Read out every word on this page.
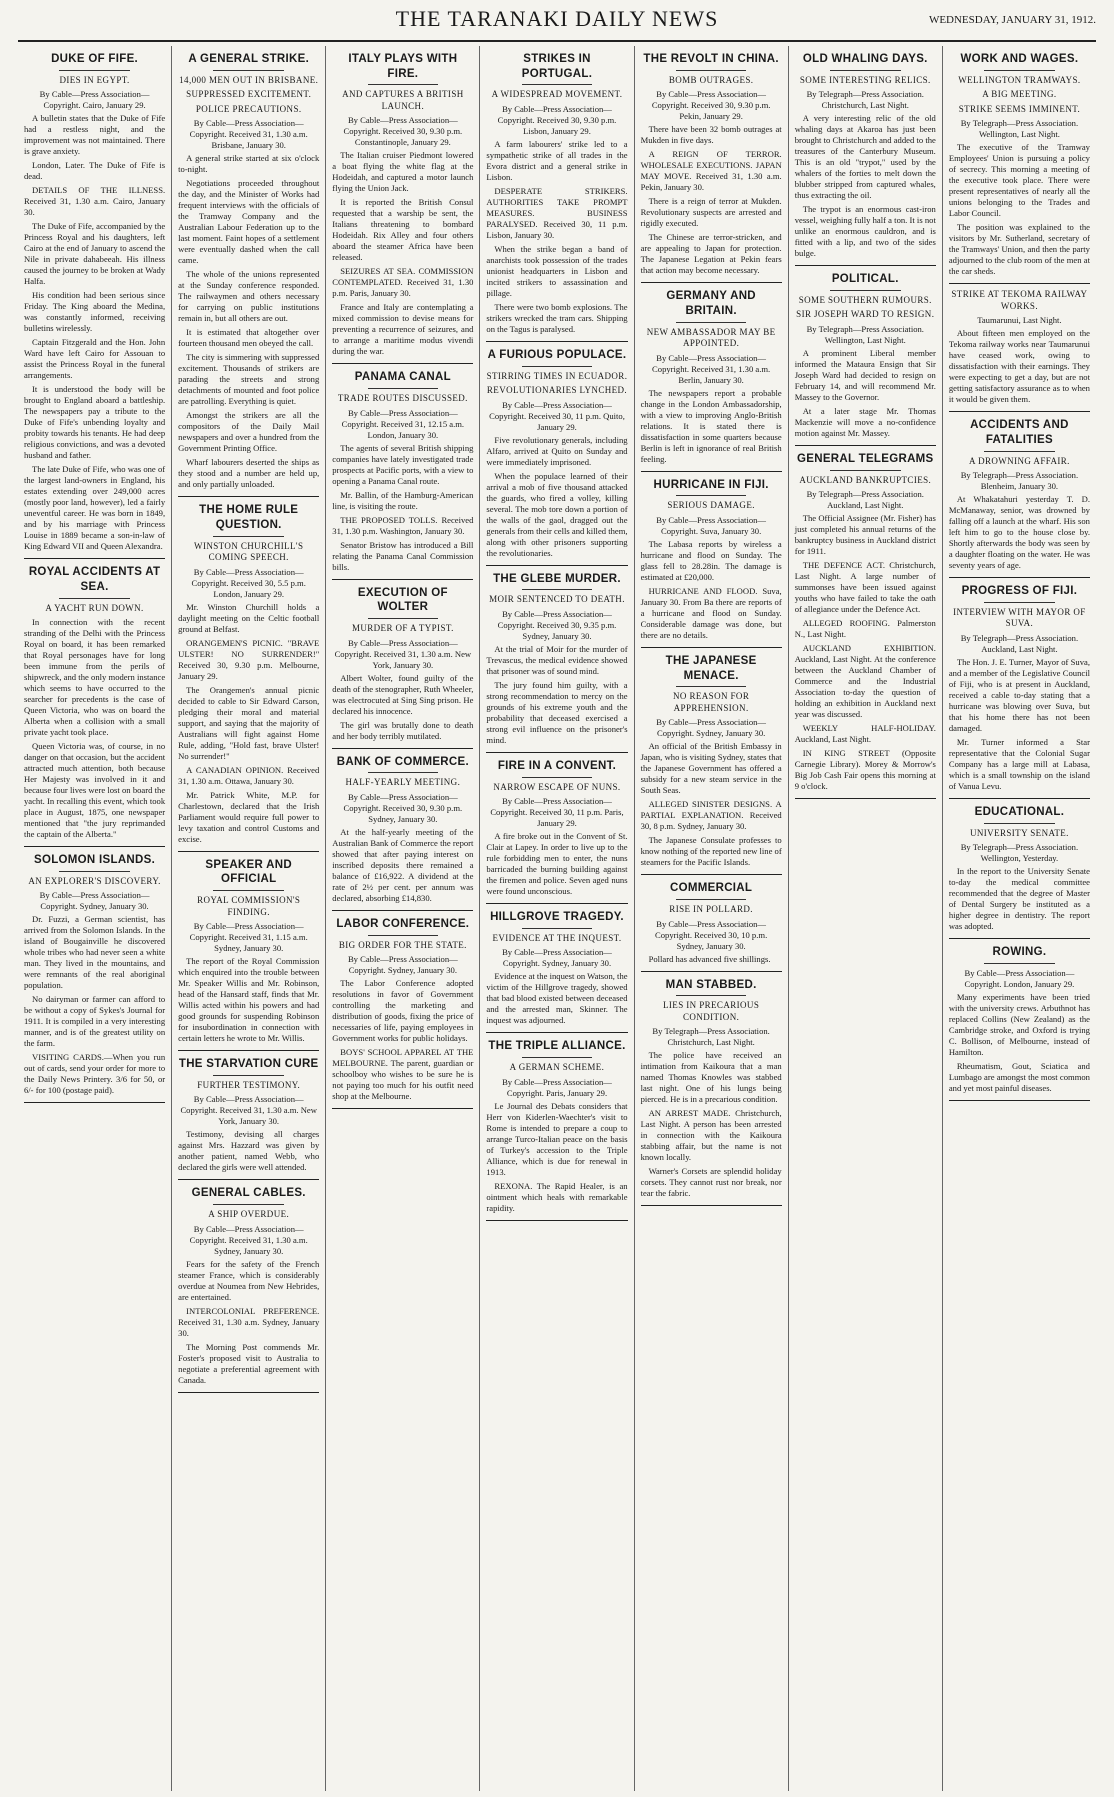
THE TARANAKI DAILY NEWS	WEDNESDAY, JANUARY 31, 1912.
DUKE OF FIFE.
DIES IN EGYPT.
By Cable—Press Association—Copyright. Cairo, January 29.

A bulletin states that the Duke of Fife had a restless night, and the improvement was not maintained. There is grave anxiety.

London, Later. The Duke of Fife is dead.

DETAILS OF THE ILLNESS. Received 31, 1.30 a.m. Cairo, January 30.

The Duke of Fife, accompanied by the Princess Royal and his daughters, left Cairo at the end of January to ascend the Nile in private dahabeeah. His illness caused the journey to be broken at Wady Halfa.

His condition had been serious since Friday. The King aboard the Medina, was constantly informed, receiving bulletins wirelessly.

Captain Fitzgerald and the Hon. John Ward have left Cairo for Assouan to assist the Princess Royal in the funeral arrangements.

It is understood the body will be brought to England aboard a battleship. The newspapers pay a tribute to the Duke of Fife's unbending loyalty and probity towards his tenants. He had deep religious convictions, and was a devoted husband and father.

The late Duke of Fife, who was one of the largest land-owners in England, his estates extending over 249,000 acres (mostly poor land, however), led a fairly uneventful career. He was born in 1849, and by his marriage with Princess Louise in 1889 became a son-in-law of King Edward VII and Queen Alexandra.

ROYAL ACCIDENTS AT SEA.
A YACHT RUN DOWN.

In connection with the recent stranding of the Delhi with the Princess Royal on board, it has been remarked that Royal personages have for long been immune from the perils of shipwreck, and the only modern instance which seems to have occurred to the searcher for precedents is the case of Queen Victoria, who was on board the Alberta when a collision with a small private yacht took place.

Queen Victoria was, of course, in no danger on that occasion, but the accident attracted much attention, both because Her Majesty was involved in it and because four lives were lost on board the yacht. In recalling this event, which took place in August, 1875, one newspaper mentioned that "the jury reprimanded the captain of the Alberta."

SOLOMON ISLANDS.
AN EXPLORER'S DISCOVERY.
By Cable—Press Association—Copyright. Sydney, January 30.

Dr. Fuzzi, a German scientist, has arrived from the Solomon Islands. In the island of Bougainville he discovered whole tribes who had never seen a white man. They lived in the mountains, and were remnants of the real aboriginal population.

No dairyman or farmer can afford to be without a copy of Sykes's Journal for 1911. It is compiled in a very interesting manner, and is of the greatest utility on the farm.

VISITING CARDS.—When you run out of cards, send your order for more to the Daily News Printery. 3/6 for 50, or 6/- for 100 (postage paid).

A GENERAL STRIKE.
14,000 MEN OUT IN BRISBANE.
SUPPRESSED EXCITEMENT.
POLICE PRECAUTIONS.
By Cable—Press Association—Copyright. Received 31, 1.30 a.m. Brisbane, January 30.

A general strike started at six o'clock to-night.

Negotiations proceeded throughout the day, and the Minister of Works had frequent interviews with the officials of the Tramway Company and the Australian Labour Federation up to the last moment. Faint hopes of a settlement were eventually dashed when the call came.

The whole of the unions represented at the Sunday conference responded. The railwaymen and others necessary for carrying on public institutions remain in, but all others are out.

It is estimated that altogether over fourteen thousand men obeyed the call.

The city is simmering with suppressed excitement. Thousands of strikers are parading the streets and strong detachments of mounted and foot police are patrolling. Everything is quiet.

Amongst the strikers are all the compositors of the Daily Mail newspapers and over a hundred from the Government Printing Office.

Wharf labourers deserted the ships as they stood and a number are held up, and only partially unloaded.

THE HOME RULE QUESTION.
WINSTON CHURCHILL'S COMING SPEECH.
By Cable—Press Association—Copyright. Received 30, 5.5 p.m. London, January 29.

Mr. Winston Churchill holds a daylight meeting on the Celtic football ground at Belfast.

ORANGEMEN'S PICNIC. "BRAVE ULSTER! NO SURRENDER!" Received 30, 9.30 p.m. Melbourne, January 29.

The Orangemen's annual picnic decided to cable to Sir Edward Carson, pledging their moral and material support, and saying that the majority of Australians will fight against Home Rule, adding, "Hold fast, brave Ulster! No surrender!"

A CANADIAN OPINION. Received 31, 1.30 a.m. Ottawa, January 30.

Mr. Patrick White, M.P. for Charlestown, declared that the Irish Parliament would require full power to levy taxation and control Customs and excise.

SPEAKER AND OFFICIAL
ROYAL COMMISSION'S FINDING.
By Cable—Press Association—Copyright. Received 31, 1.15 a.m. Sydney, January 30.

The report of the Royal Commission which enquired into the trouble between Mr. Speaker Willis and Mr. Robinson, head of the Hansard staff, finds that Mr. Willis acted within his powers and had good grounds for suspending Robinson for insubordination in connection with certain letters he wrote to Mr. Willis.

THE STARVATION CURE
FURTHER TESTIMONY.
By Cable—Press Association—Copyright. Received 31, 1.30 a.m. New York, January 30.

Testimony, devising all charges against Mrs. Hazzard was given by another patient, named Webb, who declared the girls were well attended.

GENERAL CABLES.
A SHIP OVERDUE.
By Cable—Press Association—Copyright. Received 31, 1.30 a.m. Sydney, January 30.

Fears for the safety of the French steamer France, which is considerably overdue at Noumea from New Hebrides, are entertained.

INTERCOLONIAL PREFERENCE. Received 31, 1.30 a.m. Sydney, January 30.

The Morning Post commends Mr. Foster's proposed visit to Australia to negotiate a preferential agreement with Canada.

ITALY PLAYS WITH FIRE.
AND CAPTURES A BRITISH LAUNCH.
By Cable—Press Association—Copyright. Received 30, 9.30 p.m. Constantinople, January 29.

The Italian cruiser Piedmont lowered a boat flying the white flag at the Hodeidah, and captured a motor launch flying the Union Jack.

It is reported the British Consul requested that a warship be sent, the Italians threatening to bombard Hodeidah. Rix Alley and four others aboard the steamer Africa have been released.

SEIZURES AT SEA. COMMISSION CONTEMPLATED. Received 31, 1.30 p.m. Paris, January 30.

France and Italy are contemplating a mixed commission to devise means for preventing a recurrence of seizures, and to arrange a maritime modus vivendi during the war.

PANAMA CANAL
TRADE ROUTES DISCUSSED.
By Cable—Press Association—Copyright. Received 31, 12.15 a.m. London, January 30.

The agents of several British shipping companies have lately investigated trade prospects at Pacific ports, with a view to opening a Panama Canal route.

Mr. Ballin, of the Hamburg-American line, is visiting the route.

THE PROPOSED TOLLS. Received 31, 1.30 p.m. Washington, January 30.

Senator Bristow has introduced a Bill relating the Panama Canal Commission bills.

EXECUTION OF WOLTER
MURDER OF A TYPIST.
By Cable—Press Association—Copyright. Received 31, 1.30 a.m. New York, January 30.

Albert Wolter, found guilty of the death of the stenographer, Ruth Wheeler, was electrocuted at Sing Sing prison. He declared his innocence.

The girl was brutally done to death and her body terribly mutilated.

BANK OF COMMERCE.
HALF-YEARLY MEETING.
By Cable—Press Association—Copyright. Received 30, 9.30 p.m. Sydney, January 30.

At the half-yearly meeting of the Australian Bank of Commerce the report showed that after paying interest on inscribed deposits there remained a balance of £16,922. A dividend at the rate of 2½ per cent. per annum was declared, absorbing £14,830.

LABOR CONFERENCE.
BIG ORDER FOR THE STATE.
By Cable—Press Association—Copyright. Sydney, January 30.

The Labor Conference adopted resolutions in favor of Government controlling the marketing and distribution of goods, fixing the price of necessaries of life, paying employees in Government works for public holidays.

BOYS' SCHOOL APPAREL AT THE MELBOURNE. The parent, guardian or schoolboy who wishes to be sure he is not paying too much for his outfit need shop at the Melbourne.

STRIKES IN PORTUGAL.
A WIDESPREAD MOVEMENT.
By Cable—Press Association—Copyright. Received 30, 9.30 p.m. Lisbon, January 29.

A farm labourers' strike led to a sympathetic strike of all trades in the Evora district and a general strike in Lisbon.

DESPERATE STRIKERS. AUTHORITIES TAKE PROMPT MEASURES. BUSINESS PARALYSED. Received 30, 11 p.m. Lisbon, January 30.

When the strike began a band of anarchists took possession of the trades unionist headquarters in Lisbon and incited strikers to assassination and pillage.

There were two bomb explosions. The strikers wrecked the tram cars. Shipping on the Tagus is paralysed.

A FURIOUS POPULACE.
STIRRING TIMES IN ECUADOR.
REVOLUTIONARIES LYNCHED.
By Cable—Press Association—Copyright. Received 30, 11 p.m. Quito, January 29.

Five revolutionary generals, including Alfaro, arrived at Quito on Sunday and were immediately imprisoned.

When the populace learned of their arrival a mob of five thousand attacked the guards, who fired a volley, killing several. The mob tore down a portion of the walls of the gaol, dragged out the generals from their cells and killed them, along with other prisoners supporting the revolutionaries.

THE GLEBE MURDER.
MOIR SENTENCED TO DEATH.
By Cable—Press Association—Copyright. Received 30, 9.35 p.m. Sydney, January 30.

At the trial of Moir for the murder of Trevascus, the medical evidence showed that prisoner was of sound mind.

The jury found him guilty, with a strong recommendation to mercy on the grounds of his extreme youth and the probability that deceased exercised a strong evil influence on the prisoner's mind.

FIRE IN A CONVENT.
NARROW ESCAPE OF NUNS.
By Cable—Press Association—Copyright. Received 30, 11 p.m. Paris, January 29.

A fire broke out in the Convent of St. Clair at Lapey. In order to live up to the rule forbidding men to enter, the nuns barricaded the burning building against the firemen and police. Seven aged nuns were found unconscious.

HILLGROVE TRAGEDY.
EVIDENCE AT THE INQUEST.
By Cable—Press Association—Copyright. Sydney, January 30.

Evidence at the inquest on Watson, the victim of the Hillgrove tragedy, showed that bad blood existed between deceased and the arrested man, Skinner. The inquest was adjourned.

THE TRIPLE ALLIANCE.
A GERMAN SCHEME.
By Cable—Press Association—Copyright. Paris, January 29.

Le Journal des Debats considers that Herr von Kiderlen-Waechter's visit to Rome is intended to prepare a coup to arrange Turco-Italian peace on the basis of Turkey's accession to the Triple Alliance, which is due for renewal in 1913.

REXONA. The Rapid Healer, is an ointment which heals with remarkable rapidity.

THE REVOLT IN CHINA.
BOMB OUTRAGES.
By Cable—Press Association—Copyright. Received 30, 9.30 p.m. Pekin, January 29.

There have been 32 bomb outrages at Mukden in five days.

A REIGN OF TERROR. WHOLESALE EXECUTIONS. JAPAN MAY MOVE. Received 31, 1.30 a.m. Pekin, January 30.

There is a reign of terror at Mukden. Revolutionary suspects are arrested and rigidly executed.

The Chinese are terror-stricken, and are appealing to Japan for protection. The Japanese Legation at Pekin fears that action may become necessary.

GERMANY AND BRITAIN.
NEW AMBASSADOR MAY BE APPOINTED.
By Cable—Press Association—Copyright. Received 31, 1.30 a.m. Berlin, January 30.

The newspapers report a probable change in the London Ambassadorship, with a view to improving Anglo-British relations. It is stated there is dissatisfaction in some quarters because Berlin is left in ignorance of real British feeling.

HURRICANE IN FIJI.
SERIOUS DAMAGE.
By Cable—Press Association—Copyright. Suva, January 30.

The Labasa reports by wireless a hurricane and flood on Sunday. The glass fell to 28.28in. The damage is estimated at £20,000.

HURRICANE AND FLOOD. Suva, January 30. From Ba there are reports of a hurricane and flood on Sunday. Considerable damage was done, but there are no details.

THE JAPANESE MENACE.
NO REASON FOR APPREHENSION.
By Cable—Press Association—Copyright. Sydney, January 30.

An official of the British Embassy in Japan, who is visiting Sydney, states that the Japanese Government has offered a subsidy for a new steam service in the South Seas.

ALLEGED SINISTER DESIGNS. A PARTIAL EXPLANATION. Received 30, 8 p.m. Sydney, January 30.

The Japanese Consulate professes to know nothing of the reported new line of steamers for the Pacific Islands.

COMMERCIAL
RISE IN POLLARD.
By Cable—Press Association—Copyright. Received 30, 10 p.m. Sydney, January 30.

Pollard has advanced five shillings.

MAN STABBED.
LIES IN PRECARIOUS CONDITION.
By Telegraph—Press Association. Christchurch, Last Night.

The police have received an intimation from Kaikoura that a man named Thomas Knowles was stabbed last night. One of his lungs being pierced. He is in a precarious condition.

AN ARREST MADE. Christchurch, Last Night. A person has been arrested in connection with the Kaikoura stabbing affair, but the name is not known locally.

Warner's Corsets are splendid holiday corsets. They cannot rust nor break, nor tear the fabric.

OLD WHALING DAYS.
SOME INTERESTING RELICS.
By Telegraph—Press Association. Christchurch, Last Night.

A very interesting relic of the old whaling days at Akaroa has just been brought to Christchurch and added to the treasures of the Canterbury Museum. This is an old "trypot," used by the whalers of the forties to melt down the blubber stripped from captured whales, thus extracting the oil.

The trypot is an enormous cast-iron vessel, weighing fully half a ton. It is not unlike an enormous cauldron, and is fitted with a lip, and two of the sides bulge.

POLITICAL.
SOME SOUTHERN RUMOURS.
SIR JOSEPH WARD TO RESIGN.
By Telegraph—Press Association. Wellington, Last Night.

A prominent Liberal member informed the Mataura Ensign that Sir Joseph Ward had decided to resign on February 14, and will recommend Mr. Massey to the Governor.

At a later stage Mr. Thomas Mackenzie will move a no-confidence motion against Mr. Massey.

GENERAL TELEGRAMS
AUCKLAND BANKRUPTCIES.
By Telegraph—Press Association. Auckland, Last Night.

The Official Assignee (Mr. Fisher) has just completed his annual returns of the bankruptcy business in Auckland district for 1911.

THE DEFENCE ACT. Christchurch, Last Night. A large number of summonses have been issued against youths who have failed to take the oath of allegiance under the Defence Act.

ALLEGED ROOFING. Palmerston N., Last Night.

AUCKLAND EXHIBITION. Auckland, Last Night. At the conference between the Auckland Chamber of Commerce and the Industrial Association to-day the question of holding an exhibition in Auckland next year was discussed.

WEEKLY HALF-HOLIDAY. Auckland, Last Night.

IN KING STREET (Opposite Carnegie Library). Morey & Morrow's Big Job Cash Fair opens this morning at 9 o'clock.

WORK AND WAGES.
WELLINGTON TRAMWAYS.
A BIG MEETING.
STRIKE SEEMS IMMINENT.
By Telegraph—Press Association. Wellington, Last Night.

The executive of the Tramway Employees' Union is pursuing a policy of secrecy. This morning a meeting of the executive took place. There were present representatives of nearly all the unions belonging to the Trades and Labor Council.

The position was explained to the visitors by Mr. Sutherland, secretary of the Tramways' Union, and then the party adjourned to the club room of the men at the car sheds.

STRIKE AT TEKOMA RAILWAY WORKS.
Taumarunui, Last Night.

About fifteen men employed on the Tekoma railway works near Taumarunui have ceased work, owing to dissatisfaction with their earnings. They were expecting to get a day, but are not getting satisfactory assurance as to when it would be given them.

ACCIDENTS AND FATALITIES
A DROWNING AFFAIR.
By Telegraph—Press Association. Blenheim, January 30.

At Whakatahuri yesterday T. D. McManaway, senior, was drowned by falling off a launch at the wharf. His son left him to go to the house close by. Shortly afterwards the body was seen by a daughter floating on the water. He was seventy years of age.

PROGRESS OF FIJI.
INTERVIEW WITH MAYOR OF SUVA.
By Telegraph—Press Association. Auckland, Last Night.

The Hon. J. E. Turner, Mayor of Suva, and a member of the Legislative Council of Fiji, who is at present in Auckland, received a cable to-day stating that a hurricane was blowing over Suva, but that his home there has not been damaged.

Mr. Turner informed a Star representative that the Colonial Sugar Company has a large mill at Labasa, which is a small township on the island of Vanua Levu.

EDUCATIONAL.
UNIVERSITY SENATE.
By Telegraph—Press Association. Wellington, Yesterday.

In the report to the University Senate to-day the medical committee recommended that the degree of Master of Dental Surgery be instituted as a higher degree in dentistry. The report was adopted.

ROWING.
By Cable—Press Association—Copyright. London, January 29.

Many experiments have been tried with the university crews. Arbuthnot has replaced Collins (New Zealand) as the Cambridge stroke, and Oxford is trying C. Bollison, of Melbourne, instead of Hamilton.

Rheumatism, Gout, Sciatica and Lumbago are amongst the most common and yet most painful diseases.
